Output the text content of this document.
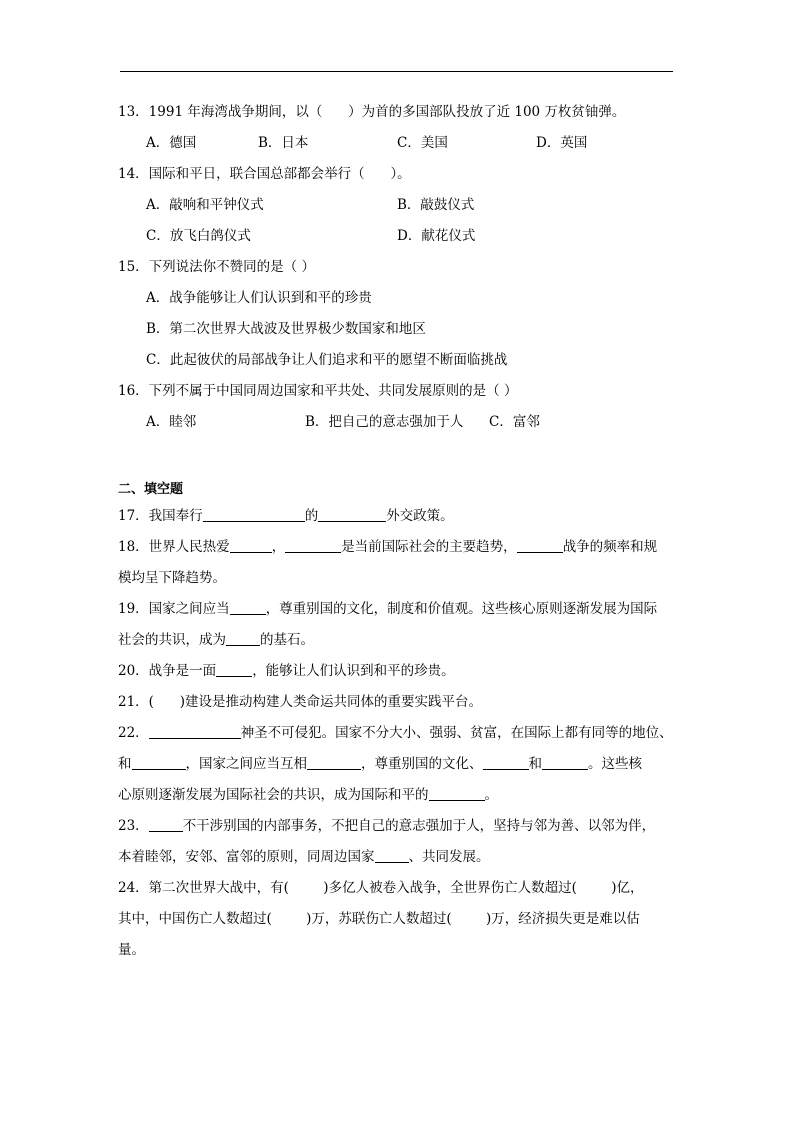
13．1991 年海湾战争期间，以（ ）为首的多国部队投放了近 100 万枚贫铀弹。
A．德国	B．日本	C．美国	D．英国
14．国际和平日，联合国总部都会举行（ ）。
A．敲响和平钟仪式	B．敲鼓仪式
C．放飞白鸽仪式	D．献花仪式
15．下列说法你不赞同的是（ ）
A．战争能够让人们认识到和平的珍贵
B．第二次世界大战波及世界极少数国家和地区
C．此起彼伏的局部战争让人们追求和平的愿望不断面临挑战
16．下列不属于中国同周边国家和平共处、共同发展原则的是（ ）
A．睦邻	B．把自己的意志强加于人 C．富邻
二、填空题
17．我国奉行	的	外交政策。
18．世界人民热爱	，	是当前国际社会的主要趋势，	战争的频率和规
模均呈下降趋势。
19．国家之间应当	，尊重别国的文化，制度和价值观。这些核心原则逐渐发展为国际
社会的共识，成为	的基石。
20．战争是一面	，能够让人们认识到和平的珍贵。
21．( )建设是推动构建人类命运共同体的重要实践平台。
22．	神圣不可侵犯。国家不分大小、强弱、贫富，在国际上都有同等的地位、
和	，国家之间应当互相	，尊重别国的文化、	和	。这些核
心原则逐渐发展为国际社会的共识，成为国际和平的	。
23．	不干涉别国的内部事务，不把自己的意志强加于人，坚持与邻为善、以邻为伴，
本着睦邻，安邻、富邻的原则，同周边国家	、共同发展。
24．第二次世界大战中，有(	)多亿人被卷入战争，全世界伤亡人数超过(	)亿，
其中，中国伤亡人数超过(	)万，苏联伤亡人数超过(	)万，经济损失更是难以估
量。
